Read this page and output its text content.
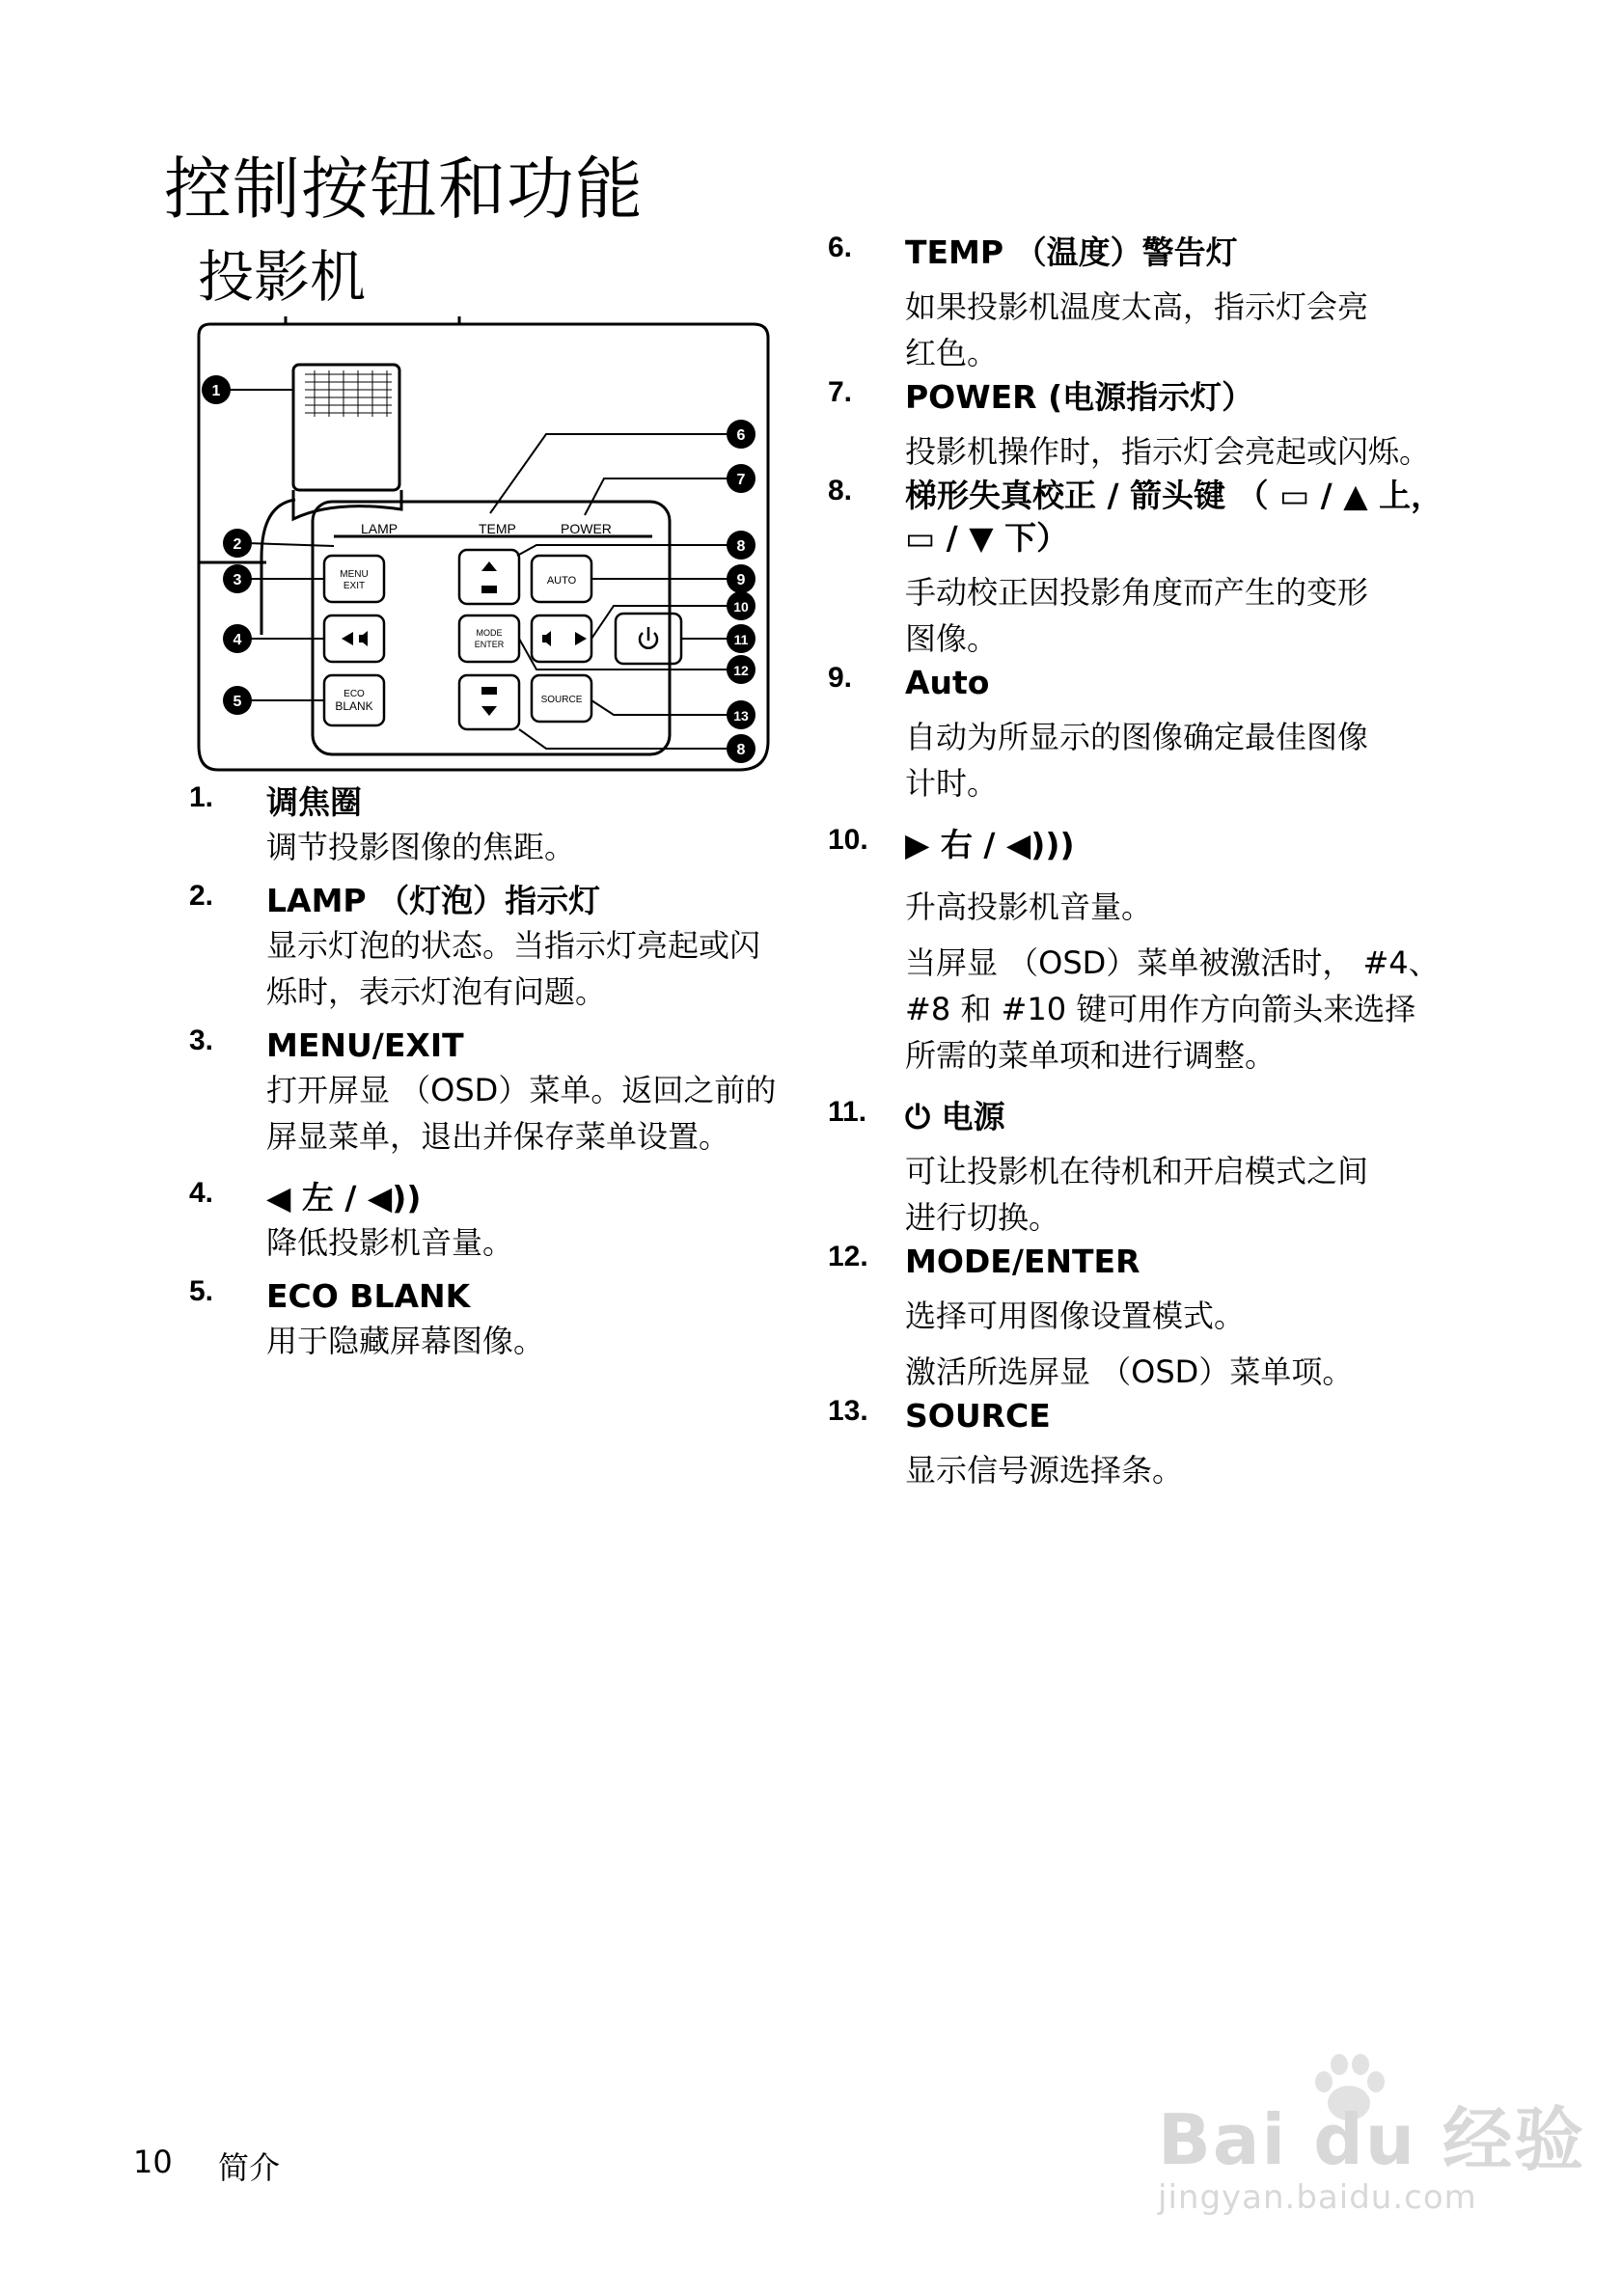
控制按钮和功能
投影机
LAMP	TEMP	POWER
MENU
EXIT	AUTO
MODE
ENTER
ECO
BLANK	SOURCE
1
2
3
4
5
6
7
8
9
10
11
12
13
8
1. 调焦圈
调节投影图像的焦距。
2. LAMP （灯泡）指示灯
显示灯泡的状态。当指示灯亮起或闪
烁时，表示灯泡有问题。
3. MENU/EXIT
打开屏显 （OSD）菜单。返回之前的
屏显菜单，退出并保存菜单设置。
4. ◀ 左 / ◀))
降低投影机音量。
5. ECO BLANK
用于隐藏屏幕图像。
6. TEMP （温度）警告灯
如果投影机温度太高，指示灯会亮
红色。
7. POWER (电源指示灯）
投影机操作时，指示灯会亮起或闪烁。
8. 梯形失真校正 / 箭头键 （ ▭ / ▲ 上，
▭ / ▼ 下）
手动校正因投影角度而产生的变形
图像。
9. Auto
自动为所显示的图像确定最佳图像
计时。
10. ▶ 右 / ◀)))
升高投影机音量。
当屏显 （OSD）菜单被激活时， #4、
#8 和 #10 键可用作方向箭头来选择
所需的菜单项和进行调整。
11. ⏻ 电源
可让投影机在待机和开启模式之间
进行切换。
12. MODE/ENTER
选择可用图像设置模式。
激活所选屏显 （OSD）菜单项。
13. SOURCE
显示信号源选择条。
10 简介	Bai du 经验
jingyan.baidu.com
